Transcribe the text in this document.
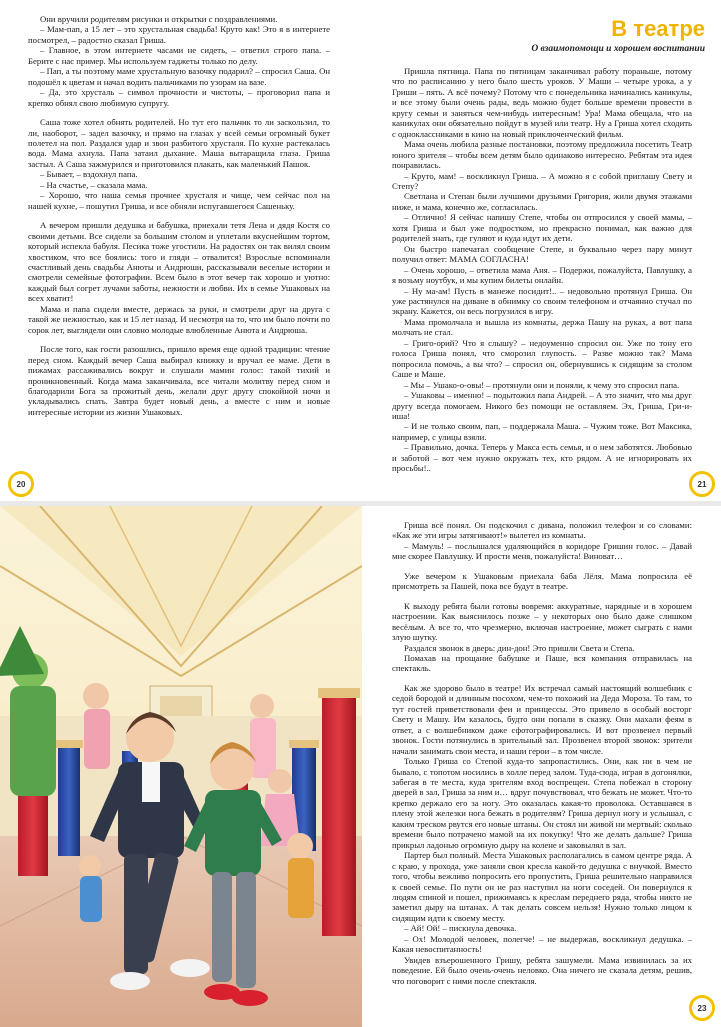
Они вручили родителям рисунки и открытки с поздравлениями.

– Мам-пап, а 15 лет – это хрустальная свадьба! Круто как! Это я в интернете посмотрел, – радостно сказал Гриша.

– Главное, в этом интернете часами не сидеть, – ответил строго папа. – Берите с нас пример. Мы используем гаджеты только по делу.

– Пап, а ты поэтому маме хрустальную вазочку подарил? – спросил Саша. Он подошёл к цветам и начал водить пальчиками по узорам на вазе.

– Да, это хрусталь – символ прочности и чистоты, – проговорил папа и крепко обнял свою любимую супругу.

Саша тоже хотел обнять родителей. Но тут его пальчик то ли заскользил, то ли, наоборот, – задел вазочку, и прямо на глазах у всей семьи огромный букет полетел на пол. Раздался удар и звон разбитого хрусталя. По кухне растекалась вода. Мама ахнула. Папа затаил дыхание. Маша вытаращила глаза. Гриша застыл. А Саша зажмурился и приготовился плакать, как маленький Пашок.

– Бывает, – вздохнул папа.

– На счастье, – сказала мама.

– Хорошо, что наша семья прочнее хрусталя и чище, чем сейчас пол на нашей кухне, – пошутил Гриша, и все обняли испугавшегося Сашеньку.

А вечером пришли дедушка и бабушка, приехали тетя Лена и дядя Костя со своими детьми. Все сидели за большим столом и уплетали вкуснейшим тортом, который испекла бабуля. Песика тоже угостили. На радостях он так вилял своим хвостиком, что все боялись: того и гляди – отвалится! Взрослые вспоминали счастливый день свадьбы Анюты и Андрюши, рассказывали веселые истории и смотрели семейные фотографии. Всем было в этот вечер так хорошо и уютно: каждый был согрет лучами заботы, нежности и любви. Их в семье Ушаковых на всех хватит!

Мама и папа сидели вместе, держась за руки, и смотрели друг на друга с такой же нежностью, как и 15 лет назад. И несмотря на то, что им было почти по сорок лет, выглядели они словно молодые влюбленные Анюта и Андрюша.

После того, как гости разошлись, пришло время еще одной традиции: чтение перед сном. Каждый вечер Саша выбирал книжку и вручал ее маме. Дети в пижамах рассаживались вокруг и слушали мамин голос: такой тихий и проникновенный. Когда мама заканчивала, все читали молитву перед сном и благодарили Бога за прожитый день, желали друг другу спокойной ночи и укладывались спать. Завтра будет новый день, а вместе с ним и новые интересные истории из жизни Ушаковых.

20
В театре
О взаимопомощи и хорошем воспитании

Пришла пятница. Папа по пятницам заканчивал работу пораньше, потому что по расписанию у него было шесть уроков. У Маши – четыре урока, а у Гриши – пять. А всё почему? Потому что с понедельника начинались каникулы, и все этому были очень рады, ведь можно будет больше времени провести в кругу семьи и заняться чем-нибудь интересным! Ура! Мама обещала, что на каникулах они обязательно пойдут в музей или театр. Ну а Гриша хотел сходить с одноклассниками в кино на новый приключенческий фильм.

Мама очень любила разные постановки, поэтому предложила посетить Театр юного зрителя – чтобы всем детям было одинаково интересно. Ребятам эта идея понравилась.

– Круто, мам! – воскликнул Гриша. – А можно я с собой приглашу Свету и Степу?

Светлана и Степан были лучшими друзьями Григория, жили двумя этажами ниже, и мама, конечно же, согласилась.

– Отлично! Я сейчас напишу Степе, чтобы он отпросился у своей мамы, – хотя Гриша и был уже подростком, но прекрасно понимал, как важно для родителей знать, где гуляют и куда идут их дети.

Он быстро напечатал сообщение Степе, и буквально через пару минут получил ответ: МАМА СОГЛАСНА!

– Очень хорошо, – ответила мама Аня. – Подержи, пожалуйста, Павлушку, а я возьму ноутбук, и мы купим билеты онлайн.

– Ну ма-ам! Пусть в манеже посидит!.. – недовольно протянул Гриша. Он уже растянулся на диване в обнимку со своим телефоном и отчаянно стучал по экрану. Кажется, он весь погрузился в игру.

Мама промолчала и вышла из комнаты, держа Пашу на руках, а вот папа молчать не стал.

– Григо-орий? Что я слышу? – недоуменно спросил он. Уже по тону его голоса Гриша понял, что сморозил глупость. – Разве можно так? Мама попросила помочь, а вы что? – спросил он, обернувшись к сидящим за столом Саше и Маше.

– Мы – Ушако-о-овы! – протянули они и поняли, к чему это спросил папа.

– Ушаковы – именно! – подытожил папа Андрей. – А это значит, что мы друг другу всегда помогаем. Никого без помощи не оставляем. Эх, Гриша, Гри-и-иша!

– И не только своим, пап, – поддержала Маша. – Чужим тоже. Вот Максика, например, с улицы взяли.

– Правильно, дочка. Теперь у Макса есть семья, и о нем заботятся. Любовью и заботой – вот чем нужно окружать тех, кто рядом. А не игнорировать их просьбы!..

21

Гриша всё понял. Он подскочил с дивана, положил телефон и со словами: «Как же эти игры затягивают!» вылетел из комнаты.

– Мамуль! – послышался удаляющийся в коридоре Гришин голос. – Давай мне скорее Павлушку. И прости меня, пожалуйста! Виноват…

Уже вечером к Ушаковым приехала баба Лёля. Мама попросила её присмотреть за Пашей, пока все будут в театре.

К выходу ребята были готовы вовремя: аккуратные, нарядные и в хорошем настроении. Как выяснилось позже – у некоторых оно было даже слишком весёлым. А все то, что чрезмерно, включая настроение, может сыграть с нами злую шутку.

Раздался звонок в дверь: дин-дон! Это пришли Света и Степа.

Помахав на прощание бабушке и Паше, вся компания отправилась на спектакль.

Как же здорово было в театре! Их встречал самый настоящий волшебник с седой бородой и длинным посохом, чем-то похожий на Деда Мороза. То там, то тут гостей приветствовали феи и принцессы. Это привело в особый восторг Свету и Машу. Им казалось, будто они попали в сказку. Они махали феям в ответ, а с волшебником даже сфотографировались. И вот прозвенел первый звонок. Гости потянулись в зрительный зал. Прозвенел второй звонок: зрители начали занимать свои места, и наши герои – в том числе.

Только Гриша со Степой куда-то запропастились. Они, как ни в чем не бывало, с топотом носились в холле перед залом. Туда-сюда, играя в догонялки, забегая в те места, куда зрителям вход воспрещен. Степа побежал в сторону дверей в зал, Гриша за ним и… вдруг почувствовал, что бежать не может. Что-то крепко держало его за ногу. Это оказалась какая-то проволока. Оставшаяся в плену этой железки нога бежать в родителям? Гриша дернул ногу и услышал, с каким треском рвутся его новые штаны. Он стоял ни живой ни мертвый: сколько времени было потрачено мамой на их покупку! Что же делать дальше? Гриша прикрыл ладонью огромную дыру на колене и заковылял в зал.

Партер был полный. Места Ушаковых располагались в самом центре ряда. А с краю, у прохода, уже заняли свои кресла какой-то дедушка с внучкой. Вместо того, чтобы вежливо попросить его пропустить, Гриша решительно направился к своей семье. По пути он не раз наступил на ноги соседей. Он повернулся к людям спиной и пошел, прижимаясь к креслам переднего ряда, чтобы никто не заметил дыру на штанах. А так делать совсем нельзя! Нужно только лицом к сидящим идти к своему месту.

– Ай! Ой! – пискнула девочка.

– Ох! Молодой человек, полегче! – не выдержав, воскликнул дедушка. – Какая невоспитанность!

Увидев взъерошенного Гришу, ребята зашумели. Мама извинилась за их поведение. Ей было очень-очень неловко. Она ничего не сказала детям, решив, что поговорит с ними после спектакля.

23
